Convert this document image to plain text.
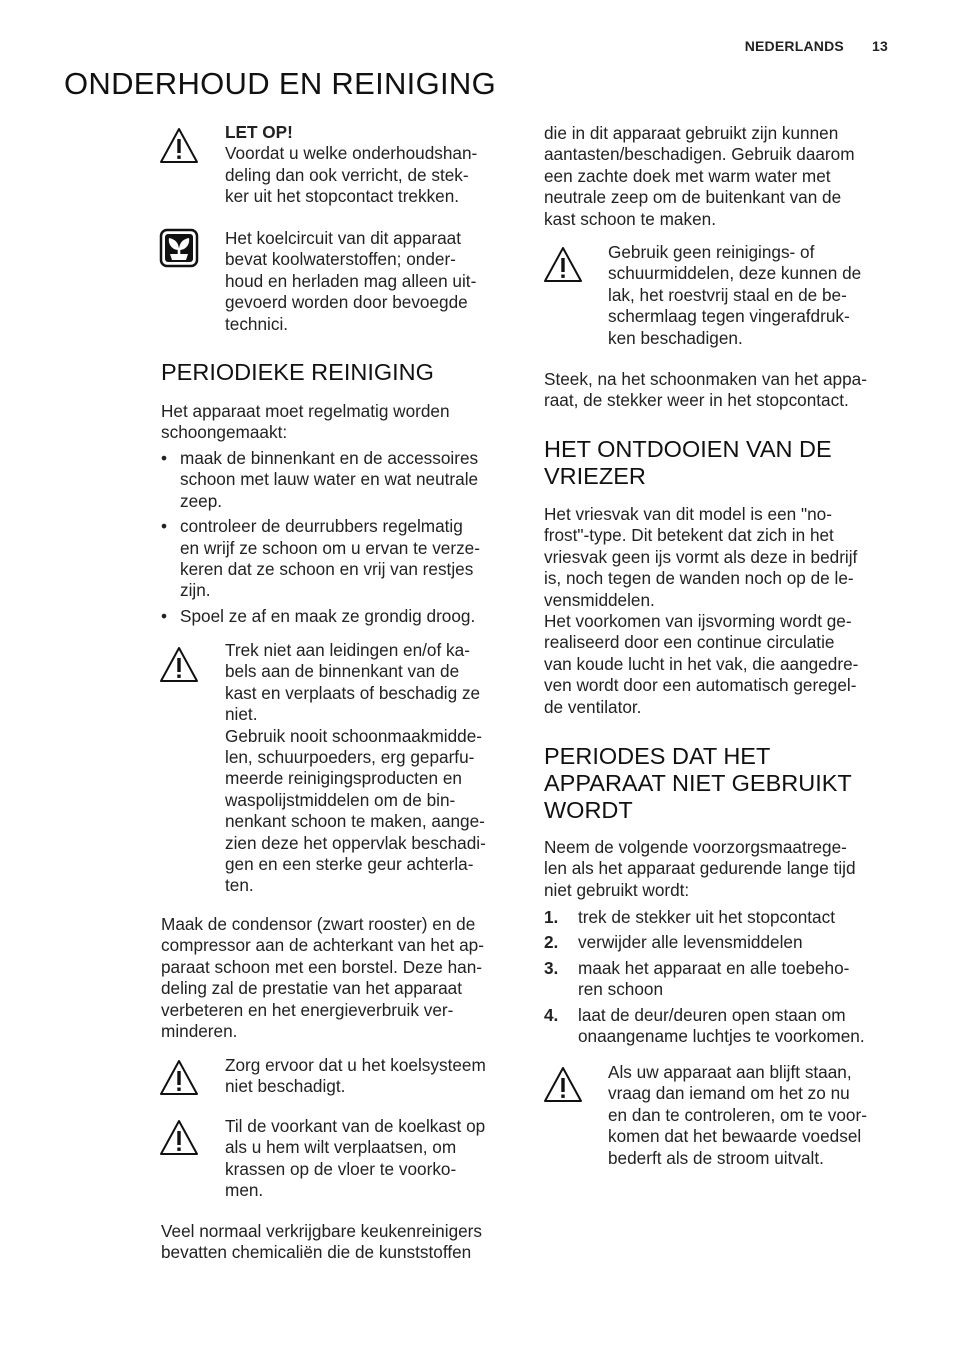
NEDERLANDS 13
ONDERHOUD EN REINIGING

LET OP!

Voordat u welke onderhoudshan-

deling dan ook verricht, de stek-

ker uit het stopcontact trekken.

Het koelcircuit van dit apparaat

bevat koolwaterstoffen; onder-

houd en herladen mag alleen uit-

gevoerd worden door bevoegde

technici.

PERIODIEKE REINIGING

Het apparaat moet regelmatig worden

schoongemaakt:

• maak de binnenkant en de accessoires

schoon met lauw water en wat neutrale

zeep.

• controleer de deurrubbers regelmatig

en wrijf ze schoon om u ervan te verze-

keren dat ze schoon en vrij van restjes

zijn.

• Spoel ze af en maak ze grondig droog.

Trek niet aan leidingen en/of ka-

bels aan de binnenkant van de

kast en verplaats of beschadig ze

niet.

Gebruik nooit schoonmaakmidde-

len, schuurpoeders, erg geparfu-

meerde reinigingsproducten en

waspolijstmiddelen om de bin-

nenkant schoon te maken, aange-

zien deze het oppervlak beschadi-

gen en een sterke geur achterla-

ten.

Maak de condensor (zwart rooster) en de

compressor aan de achterkant van het ap-

paraat schoon met een borstel. Deze han-

deling zal de prestatie van het apparaat

verbeteren en het energieverbruik ver-

minderen.

Zorg ervoor dat u het koelsysteem

niet beschadigt.

Til de voorkant van de koelkast op

als u hem wilt verplaatsen, om

krassen op de vloer te voorko-

men.

Veel normaal verkrijgbare keukenreinigers

bevatten chemicaliën die de kunststoffen

die in dit apparaat gebruikt zijn kunnen

aantasten/beschadigen. Gebruik daarom

een zachte doek met warm water met

neutrale zeep om de buitenkant van de

kast schoon te maken.

Gebruik geen reinigings- of

schuurmiddelen, deze kunnen de

lak, het roestvrij staal en de be-

schermlaag tegen vingerafdruk-

ken beschadigen.

Steek, na het schoonmaken van het appa-

raat, de stekker weer in het stopcontact.

HET ONTDOOIEN VAN DE

VRIEZER

Het vriesvak van dit model is een "no-

frost"-type. Dit betekent dat zich in het

vriesvak geen ijs vormt als deze in bedrijf

is, noch tegen de wanden noch op de le-

vensmiddelen.

Het voorkomen van ijsvorming wordt ge-

realiseerd door een continue circulatie

van koude lucht in het vak, die aangedre-

ven wordt door een automatisch geregel-

de ventilator.

PERIODES DAT HET

APPARAAT NIET GEBRUIKT

WORDT

Neem de volgende voorzorgsmaatrege-

len als het apparaat gedurende lange tijd

niet gebruikt wordt:

1. trek de stekker uit het stopcontact

2. verwijder alle levensmiddelen

3. maak het apparaat en alle toebeho-

ren schoon

4. laat de deur/deuren open staan om

onaangename luchtjes te voorkomen.

Als uw apparaat aan blijft staan,

vraag dan iemand om het zo nu

en dan te controleren, om te voor-

komen dat het bewaarde voedsel

bederft als de stroom uitvalt.
